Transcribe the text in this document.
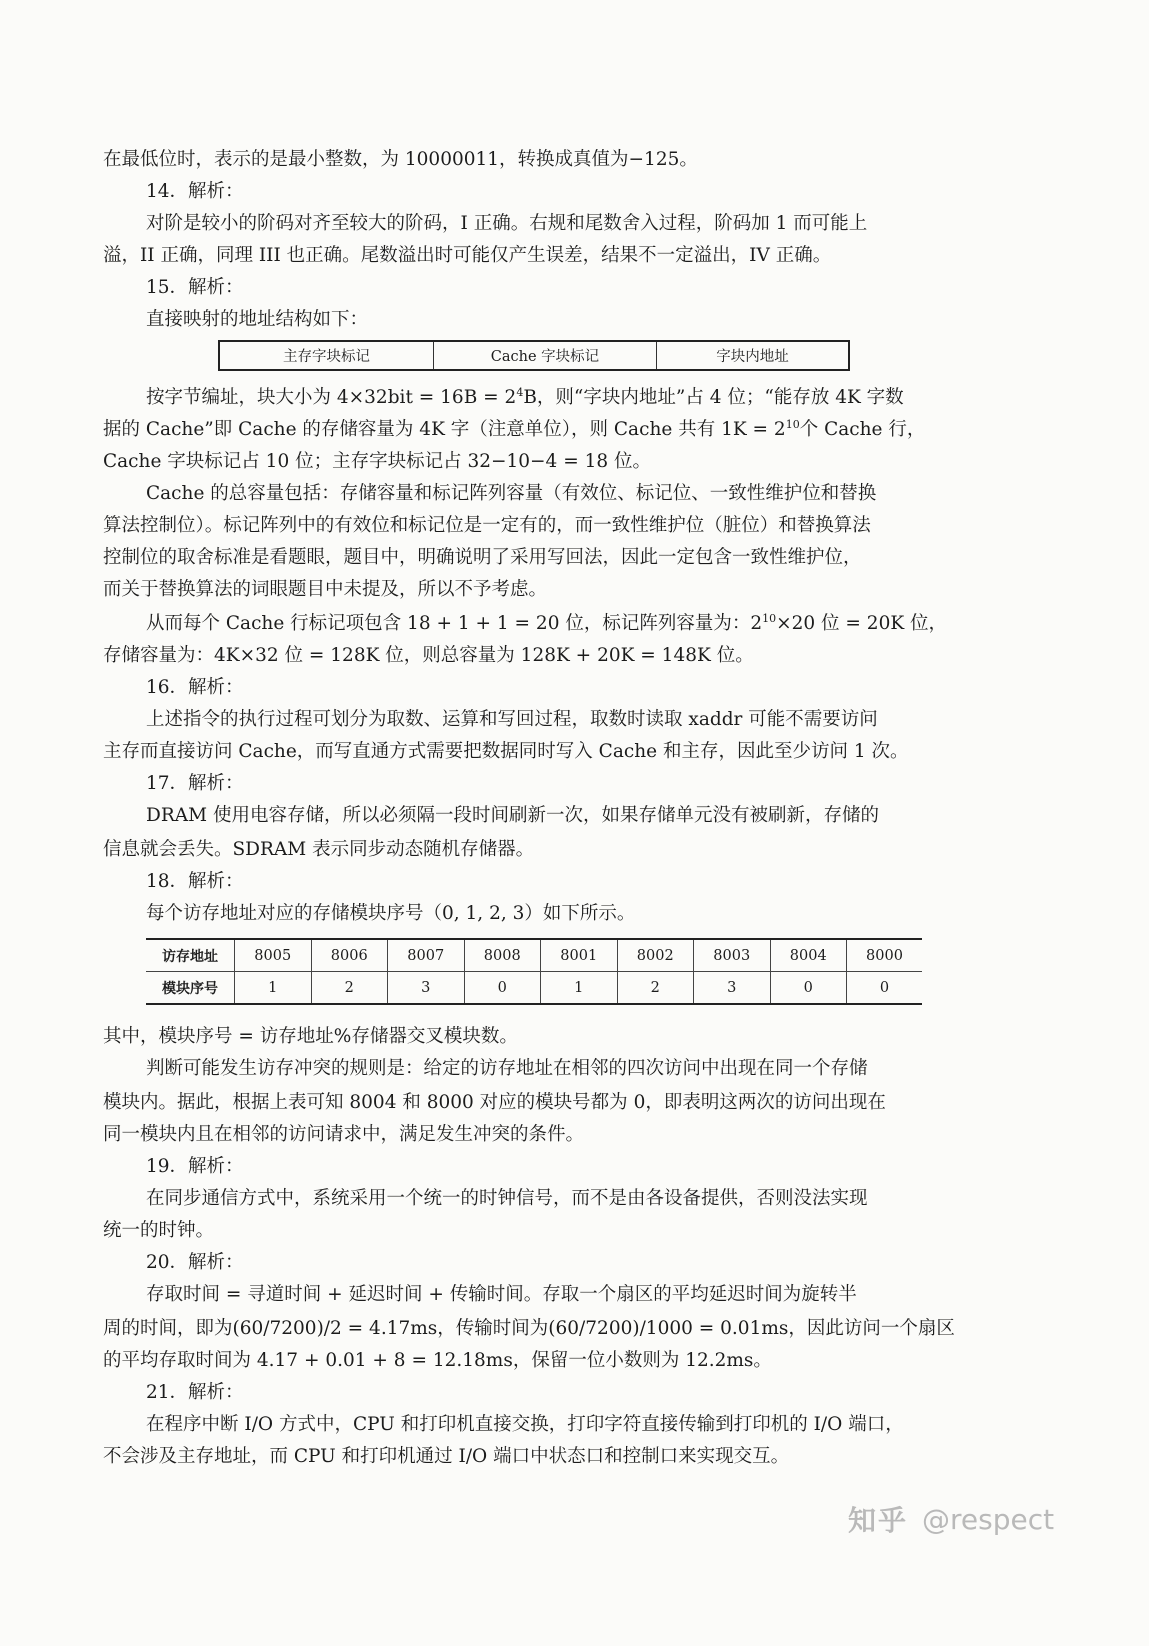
在最低位时，表示的是最小整数，为 10000011，转换成真值为−125。
14．解析：
对阶是较小的阶码对齐至较大的阶码，I 正确。右规和尾数舍入过程，阶码加 1 而可能上
溢，II 正确，同理 III 也正确。尾数溢出时可能仅产生误差，结果不一定溢出，IV 正确。
15．解析：
直接映射的地址结构如下：
主存字块标记	Cache 字块标记	字块内地址
按字节编址，块大小为 $4\times 32bit = 16B = 2^4B$，则“字块内地址”占 4 位；“能存放 4K 字数
据的 Cache”即 Cache 的存储容量为 4K 字（注意单位），则 Cache 共有 $1K = 2^{10}$个 Cache 行，
Cache 字块标记占 10 位；主存字块标记占 32−10−4 = 18 位。
Cache 的总容量包括：存储容量和标记阵列容量（有效位、标记位、一致性维护位和替换
算法控制位）。标记阵列中的有效位和标记位是一定有的，而一致性维护位（脏位）和替换算法
控制位的取舍标准是看题眼，题目中，明确说明了采用写回法，因此一定包含一致性维护位，
而关于替换算法的词眼题目中未提及，所以不予考虑。
从而每个 Cache 行标记项包含 18 + 1 + 1 = 20 位，标记阵列容量为：$2^{10}\times 20$ 位 = 20K 位，
存储容量为：4K×32 位 = 128K 位，则总容量为 128K + 20K = 148K 位。
16．解析：
上述指令的执行过程可划分为取数、运算和写回过程，取数时读取 xaddr 可能不需要访问
主存而直接访问 Cache，而写直通方式需要把数据同时写入 Cache 和主存，因此至少访问 1 次。
17．解析：
DRAM 使用电容存储，所以必须隔一段时间刷新一次，如果存储单元没有被刷新，存储的
信息就会丢失。SDRAM 表示同步动态随机存储器。
18．解析：
每个访存地址对应的存储模块序号（0, 1, 2, 3）如下所示。
访存地址	8005	8006	8007	8008	8001	8002	8003	8004	8000
模块序号	1	2	3	0	1	2	3	0	0
其中，模块序号 = 访存地址%存储器交叉模块数。
判断可能发生访存冲突的规则是：给定的访存地址在相邻的四次访问中出现在同一个存储
模块内。据此，根据上表可知 8004 和 8000 对应的模块号都为 0，即表明这两次的访问出现在
同一模块内且在相邻的访问请求中，满足发生冲突的条件。
19．解析：
在同步通信方式中，系统采用一个统一的时钟信号，而不是由各设备提供，否则没法实现
统一的时钟。
20．解析：
存取时间 = 寻道时间 + 延迟时间 + 传输时间。存取一个扇区的平均延迟时间为旋转半
周的时间，即为(60/7200)/2 = 4.17ms，传输时间为(60/7200)/1000 = 0.01ms，因此访问一个扇区
的平均存取时间为 4.17 + 0.01 + 8 = 12.18ms，保留一位小数则为 12.2ms。
21．解析：
在程序中断 I/O 方式中，CPU 和打印机直接交换，打印字符直接传输到打印机的 I/O 端口，
不会涉及主存地址，而 CPU 和打印机通过 I/O 端口中状态口和控制口来实现交互。
知乎 @respect
